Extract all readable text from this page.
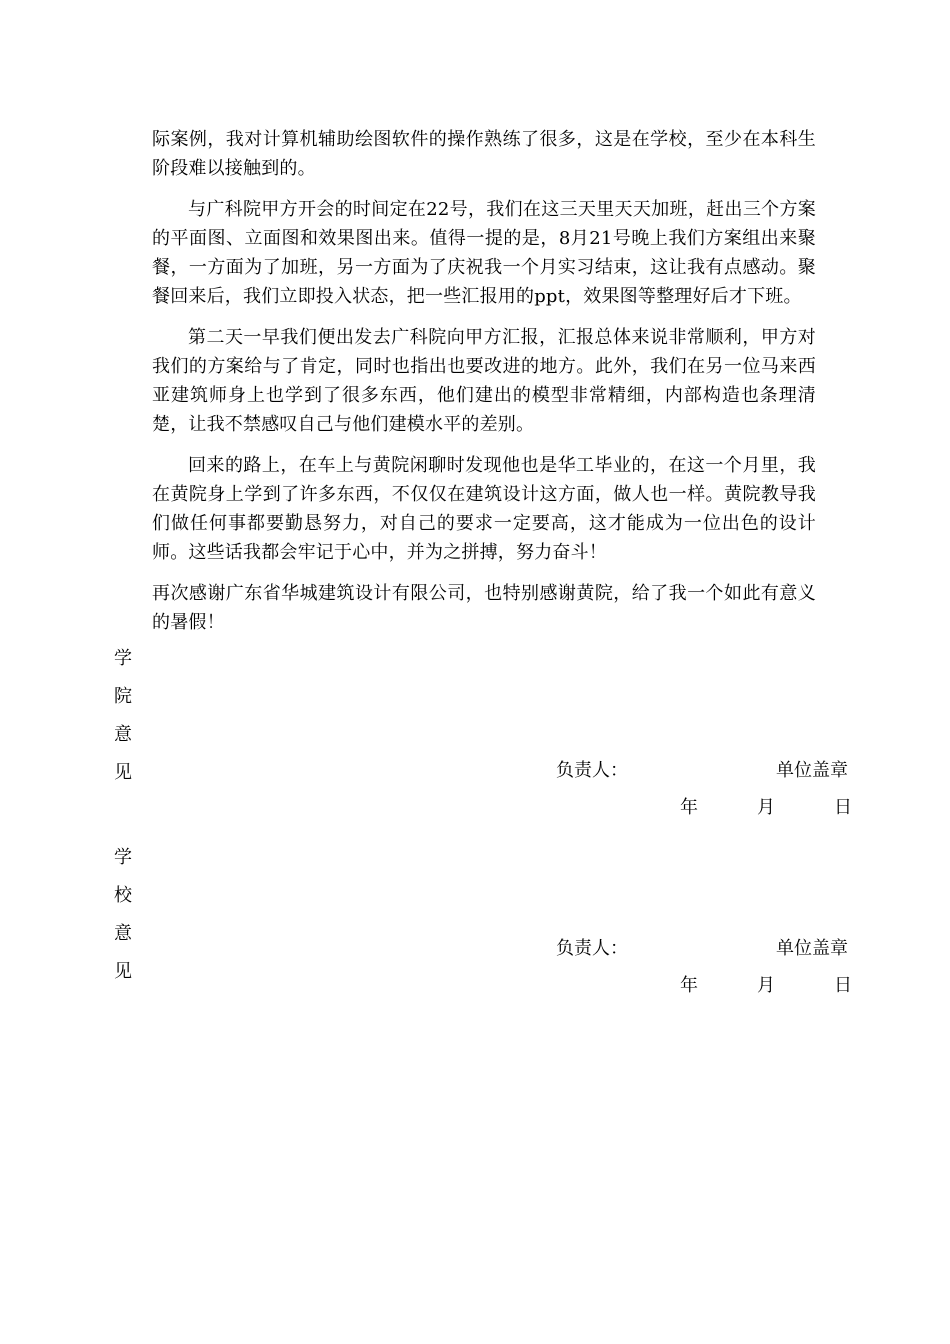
际案例，我对计算机辅助绘图软件的操作熟练了很多，这是在学校，至少在本科生阶段难以接触到的。

与广科院甲方开会的时间定在22号，我们在这三天里天天加班，赶出三个方案的平面图、立面图和效果图出来。值得一提的是，8月21号晚上我们方案组出来聚餐，一方面为了加班，另一方面为了庆祝我一个月实习结束，这让我有点感动。聚餐回来后，我们立即投入状态，把一些汇报用的ppt，效果图等整理好后才下班。

第二天一早我们便出发去广科院向甲方汇报，汇报总体来说非常顺利，甲方对我们的方案给与了肯定，同时也指出也要改进的地方。此外，我们在另一位马来西亚建筑师身上也学到了很多东西，他们建出的模型非常精细，内部构造也条理清楚，让我不禁感叹自己与他们建模水平的差别。

回来的路上，在车上与黄院闲聊时发现他也是华工毕业的，在这一个月里，我在黄院身上学到了许多东西，不仅仅在建筑设计这方面，做人也一样。黄院教导我们做任何事都要勤恳努力，对自己的要求一定要高，这才能成为一位出色的设计师。这些话我都会牢记于心中，并为之拼搏，努力奋斗！

再次感谢广东省华城建筑设计有限公司，也特别感谢黄院，给了我一个如此有意义的暑假！

学
院
意
见	负责人：	单位盖章
年	月	日
学
校
意
见
负责人：	单位盖章
年	月	日
